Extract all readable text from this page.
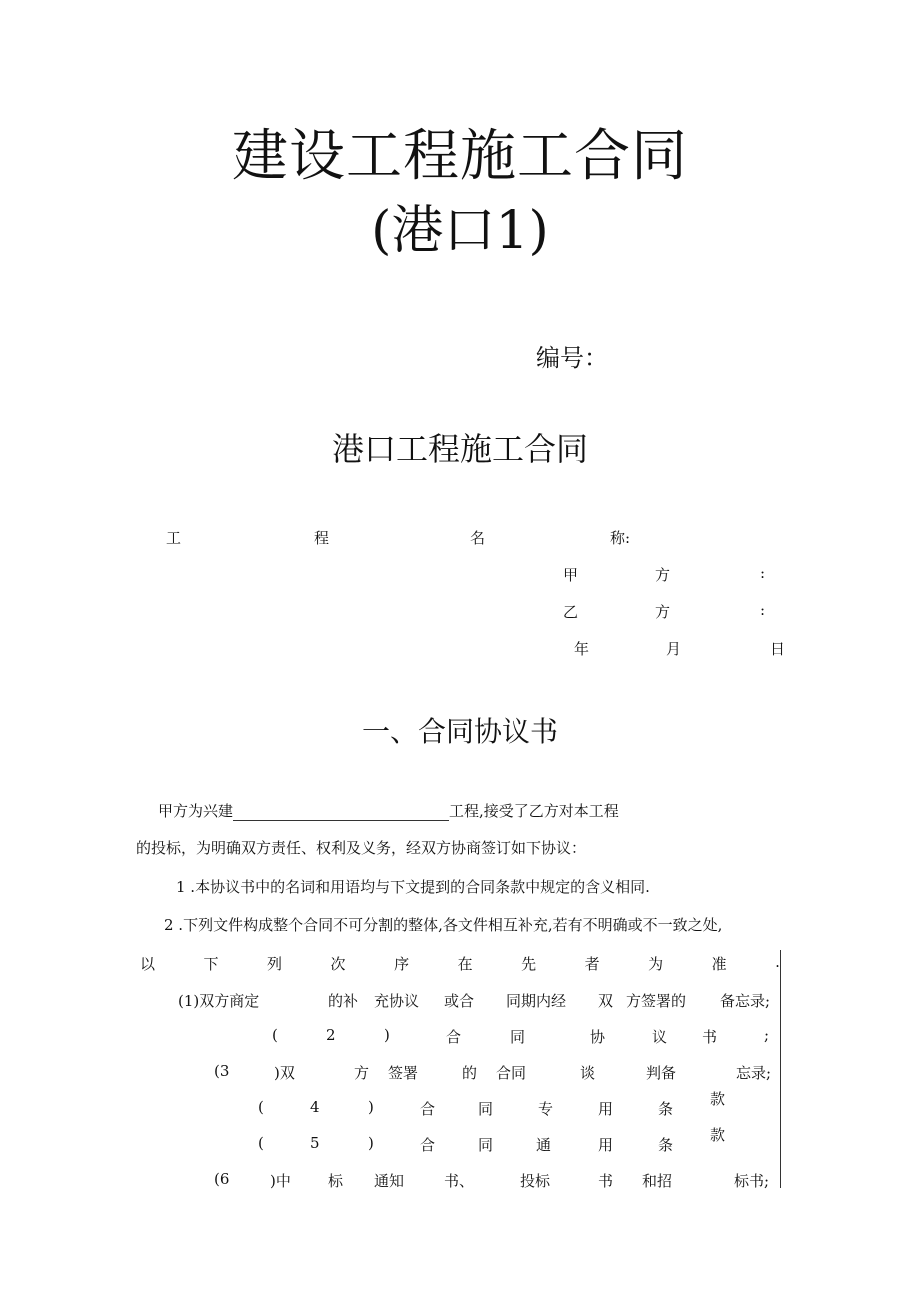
建设工程施工合同
(港口1)
编号：
港口工程施工合同
工	程	名	称:
甲	方	:
乙	方	:
年	月	日
一、合同协议书
甲方为兴建	工程,接受了乙方对本工程
的投标，为明确双方责任、权利及义务，经双方协商签订如下协议：
1 .本协议书中的名词和用语均与下文提到的合同条款中规定的含义相同.
2 .下列文件构成整个合同不可分割的整体,各文件相互补充,若有不明确或不一致之处,
以	下	列	次	序	在	先	者	为	准	.
(1)双方商定	的补 充协议 或合 同期内经 双 方签署的 备忘录;
(	2	)	合	同	协	议 书	;
(3	)双	方 签署	的 合同	谈	判备	忘录;
(	4	)	合	同	专	用	条
款
(	5	)	合	同	通	用	条
款
(6	)中 标 通知	书、	投标	书 和招	标书;
